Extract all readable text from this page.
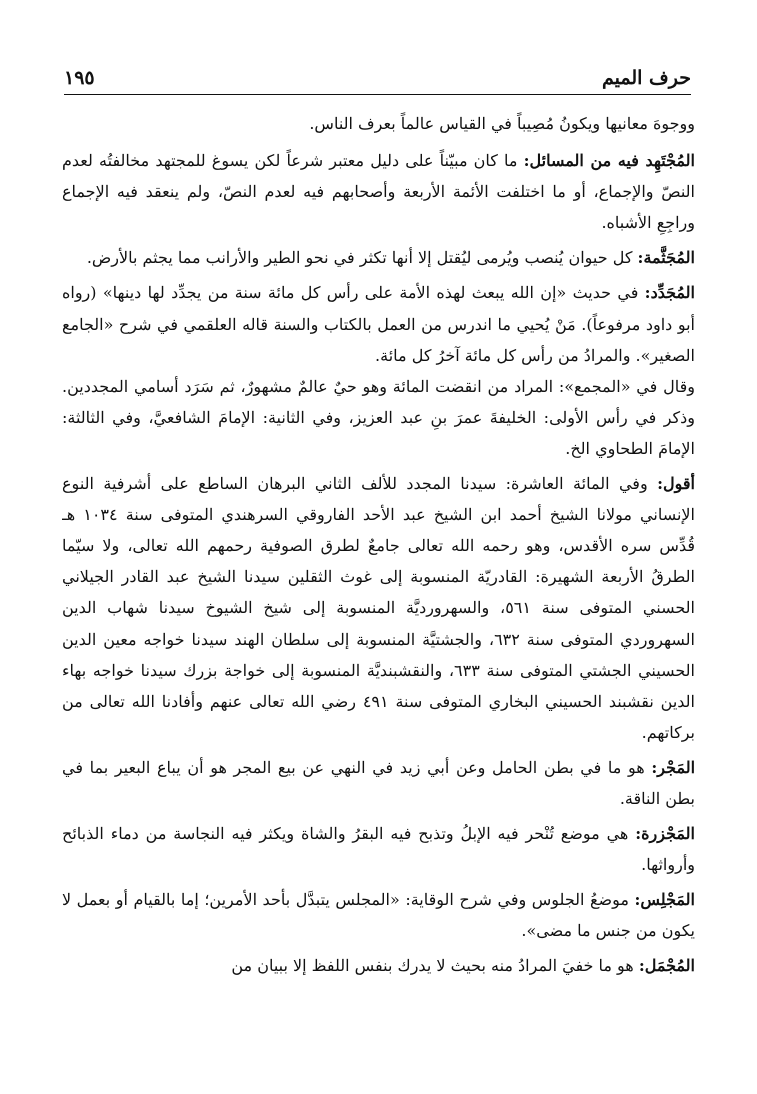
حرف الميم
١٩٥

ووجوهَ معانيها ويكونُ مُصِيباً في القياس عالماً بعرف الناس.

المُجْتَهِد فيه من المسائل: ما كان مبيّناً على دليل معتبر شرعاً لكن يسوغ للمجتهد مخالفتُه لعدم النصّ والإجماع، أو ما اختلفت الأئمة الأربعة وأصحابهم فيه لعدم النصّ، ولم ينعقد فيه الإجماع وراجِعِ الأشباه.

المُجَثَّمة: كل حيوان يُنصب ويُرمى ليُقتل إلا أنها تكثر في نحو الطير والأرانب مما يجثم بالأرض.

المُجَدِّد: في حديث «إن الله يبعث لهذه الأمة على رأس كل مائة سنة من يجدِّد لها دينها» (رواه أبو داود مرفوعاً). مَنْ يُحيي ما اندرس من العمل بالكتاب والسنة قاله العلقمي في شرح «الجامع الصغير». والمرادُ من رأس كل مائة آخرُ كل مائة.
وقال في «المجمع»: المراد من انقضت المائة وهو حيٌ عالمٌ مشهورٌ، ثم سَرَد أسامي المجددين. وذكر في رأس الأولى: الخليفةَ عمرَ بنِ عبد العزيز، وفي الثانية: الإمامَ الشافعيَّ، وفي الثالثة: الإمامَ الطحاوي الخ.

أقول: وفي المائة العاشرة: سيدنا المجدد للألف الثاني البرهان الساطع على أشرفية النوع الإنساني مولانا الشيخ أحمد ابن الشيخ عبد الأحد الفاروقي السرهندي المتوفى سنة ١٠٣٤ هـ قُدِّس سره الأقدس، وهو رحمه الله تعالى جامعٌ لطرق الصوفية رحمهم الله تعالى، ولا سيّما الطرقُ الأربعة الشهيرة: القادريّة المنسوبة إلى غوث الثقلين سيدنا الشيخ عبد القادر الجيلاني الحسني المتوفى سنة ٥٦١، والسهرورديَّة المنسوبة إلى شيخ الشيوخ سيدنا شهاب الدين السهروردي المتوفى سنة ٦٣٢، والجشتيَّة المنسوبة إلى سلطان الهند سيدنا خواجه معين الدين الحسيني الجشتي المتوفى سنة ٦٣٣، والنقشبنديَّة المنسوبة إلى خواجة بزرك سيدنا خواجه بهاء الدين نقشبند الحسيني البخاري المتوفى سنة ٤٩١ رضي الله تعالى عنهم وأفادنا الله تعالى من بركاتهم.

المَجْر: هو ما في بطن الحامل وعن أبي زيد في النهي عن بيع المجر هو أن يباع البعير بما في بطن الناقة.

المَجْزرة: هي موضع تُنْحر فيه الإبلُ وتذبح فيه البقرُ والشاة ويكثر فيه النجاسة من دماء الذبائح وأرواثها.

المَجْلِس: موضعُ الجلوس وفي شرح الوقاية: «المجلس يتبدَّل بأحد الأمرين؛ إما بالقيام أو بعمل لا يكون من جنس ما مضى».

المُجْمَل: هو ما خفيَ المرادُ منه بحيث لا يدرك بنفس اللفظ إلا ببيان من
